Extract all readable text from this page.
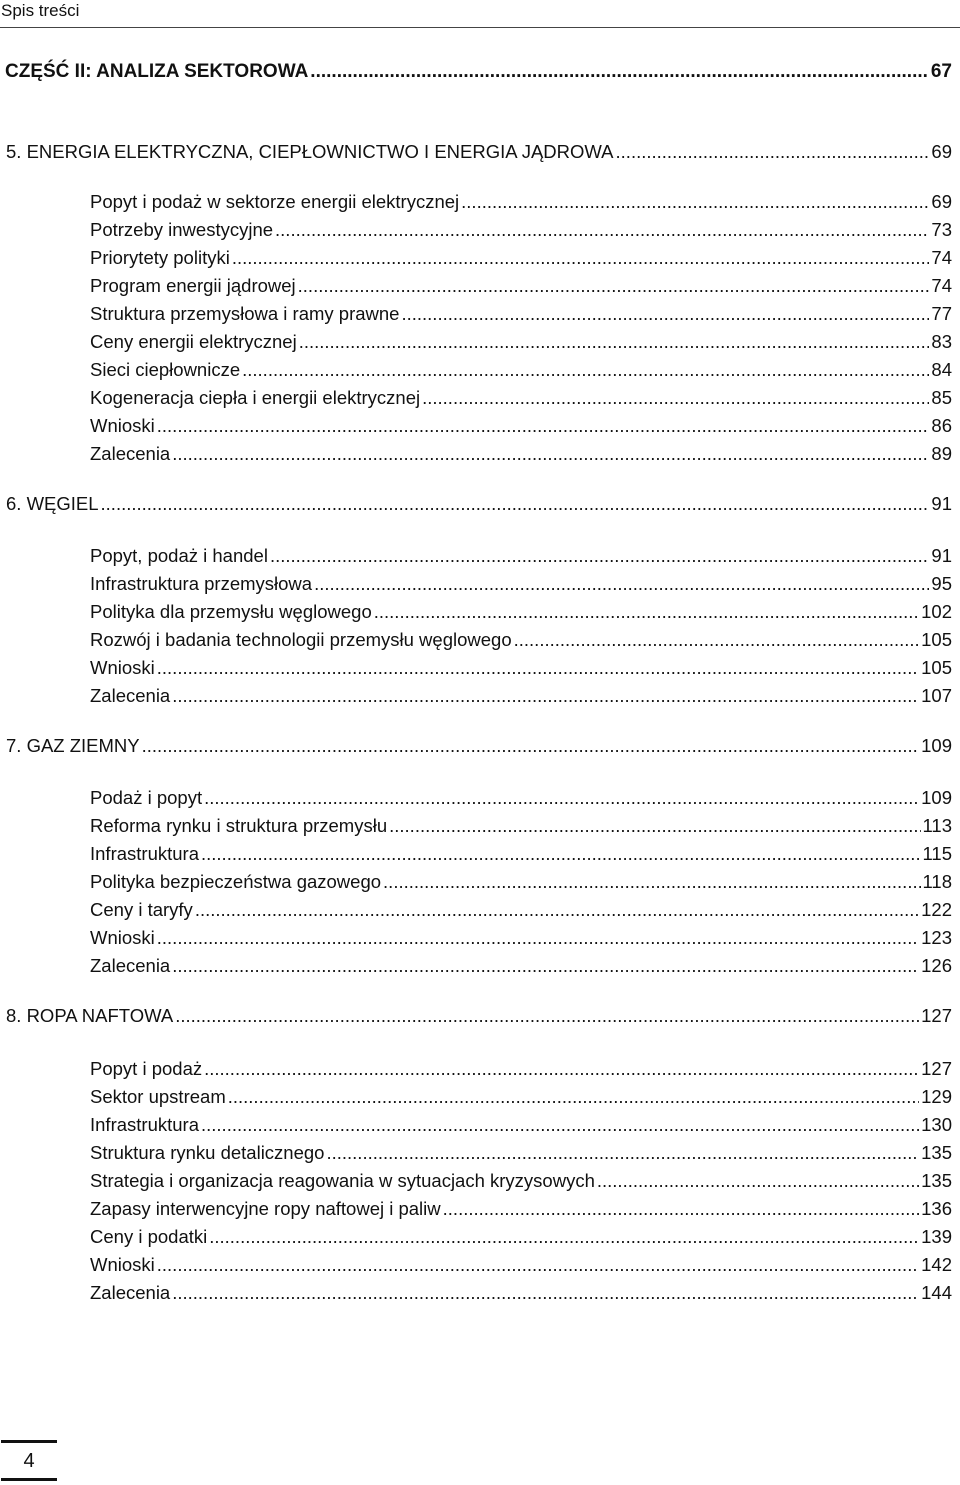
Spis treści
CZĘŚĆ II: ANALIZA SEKTOROWA .....	67
5. ENERGIA ELEKTRYCZNA, CIEPŁOWNICTWO I ENERGIA JĄDROWA .....	69
Popyt i podaż w sektorze energii elektrycznej .....	69
Potrzeby inwestycyjne .....	73
Priorytety polityki .....	74
Program energii jądrowej .....	74
Struktura przemysłowa i ramy prawne .....	77
Ceny energii elektrycznej .....	83
Sieci ciepłownicze .....	84
Kogeneracja ciepła i energii elektrycznej .....	85
Wnioski .....	86
Zalecenia .....	89
6. WĘGIEL .....	91
Popyt, podaż i handel .....	91
Infrastruktura przemysłowa .....	95
Polityka dla przemysłu węglowego .....	102
Rozwój i badania technologii przemysłu węglowego .....	105
Wnioski .....	105
Zalecenia .....	107
7. GAZ ZIEMNY .....	109
Podaż i popyt .....	109
Reforma rynku i struktura przemysłu .....	113
Infrastruktura .....	115
Polityka bezpieczeństwa gazowego .....	118
Ceny i taryfy .....	122
Wnioski .....	123
Zalecenia .....	126
8. ROPA NAFTOWA .....	127
Popyt i podaż .....	127
Sektor upstream .....	129
Infrastruktura .....	130
Struktura rynku detalicznego .....	135
Strategia i organizacja reagowania w sytuacjach kryzysowych .....	135
Zapasy interwencyjne ropy naftowej i paliw .....	136
Ceny i podatki .....	139
Wnioski .....	142
Zalecenia .....	144
4
